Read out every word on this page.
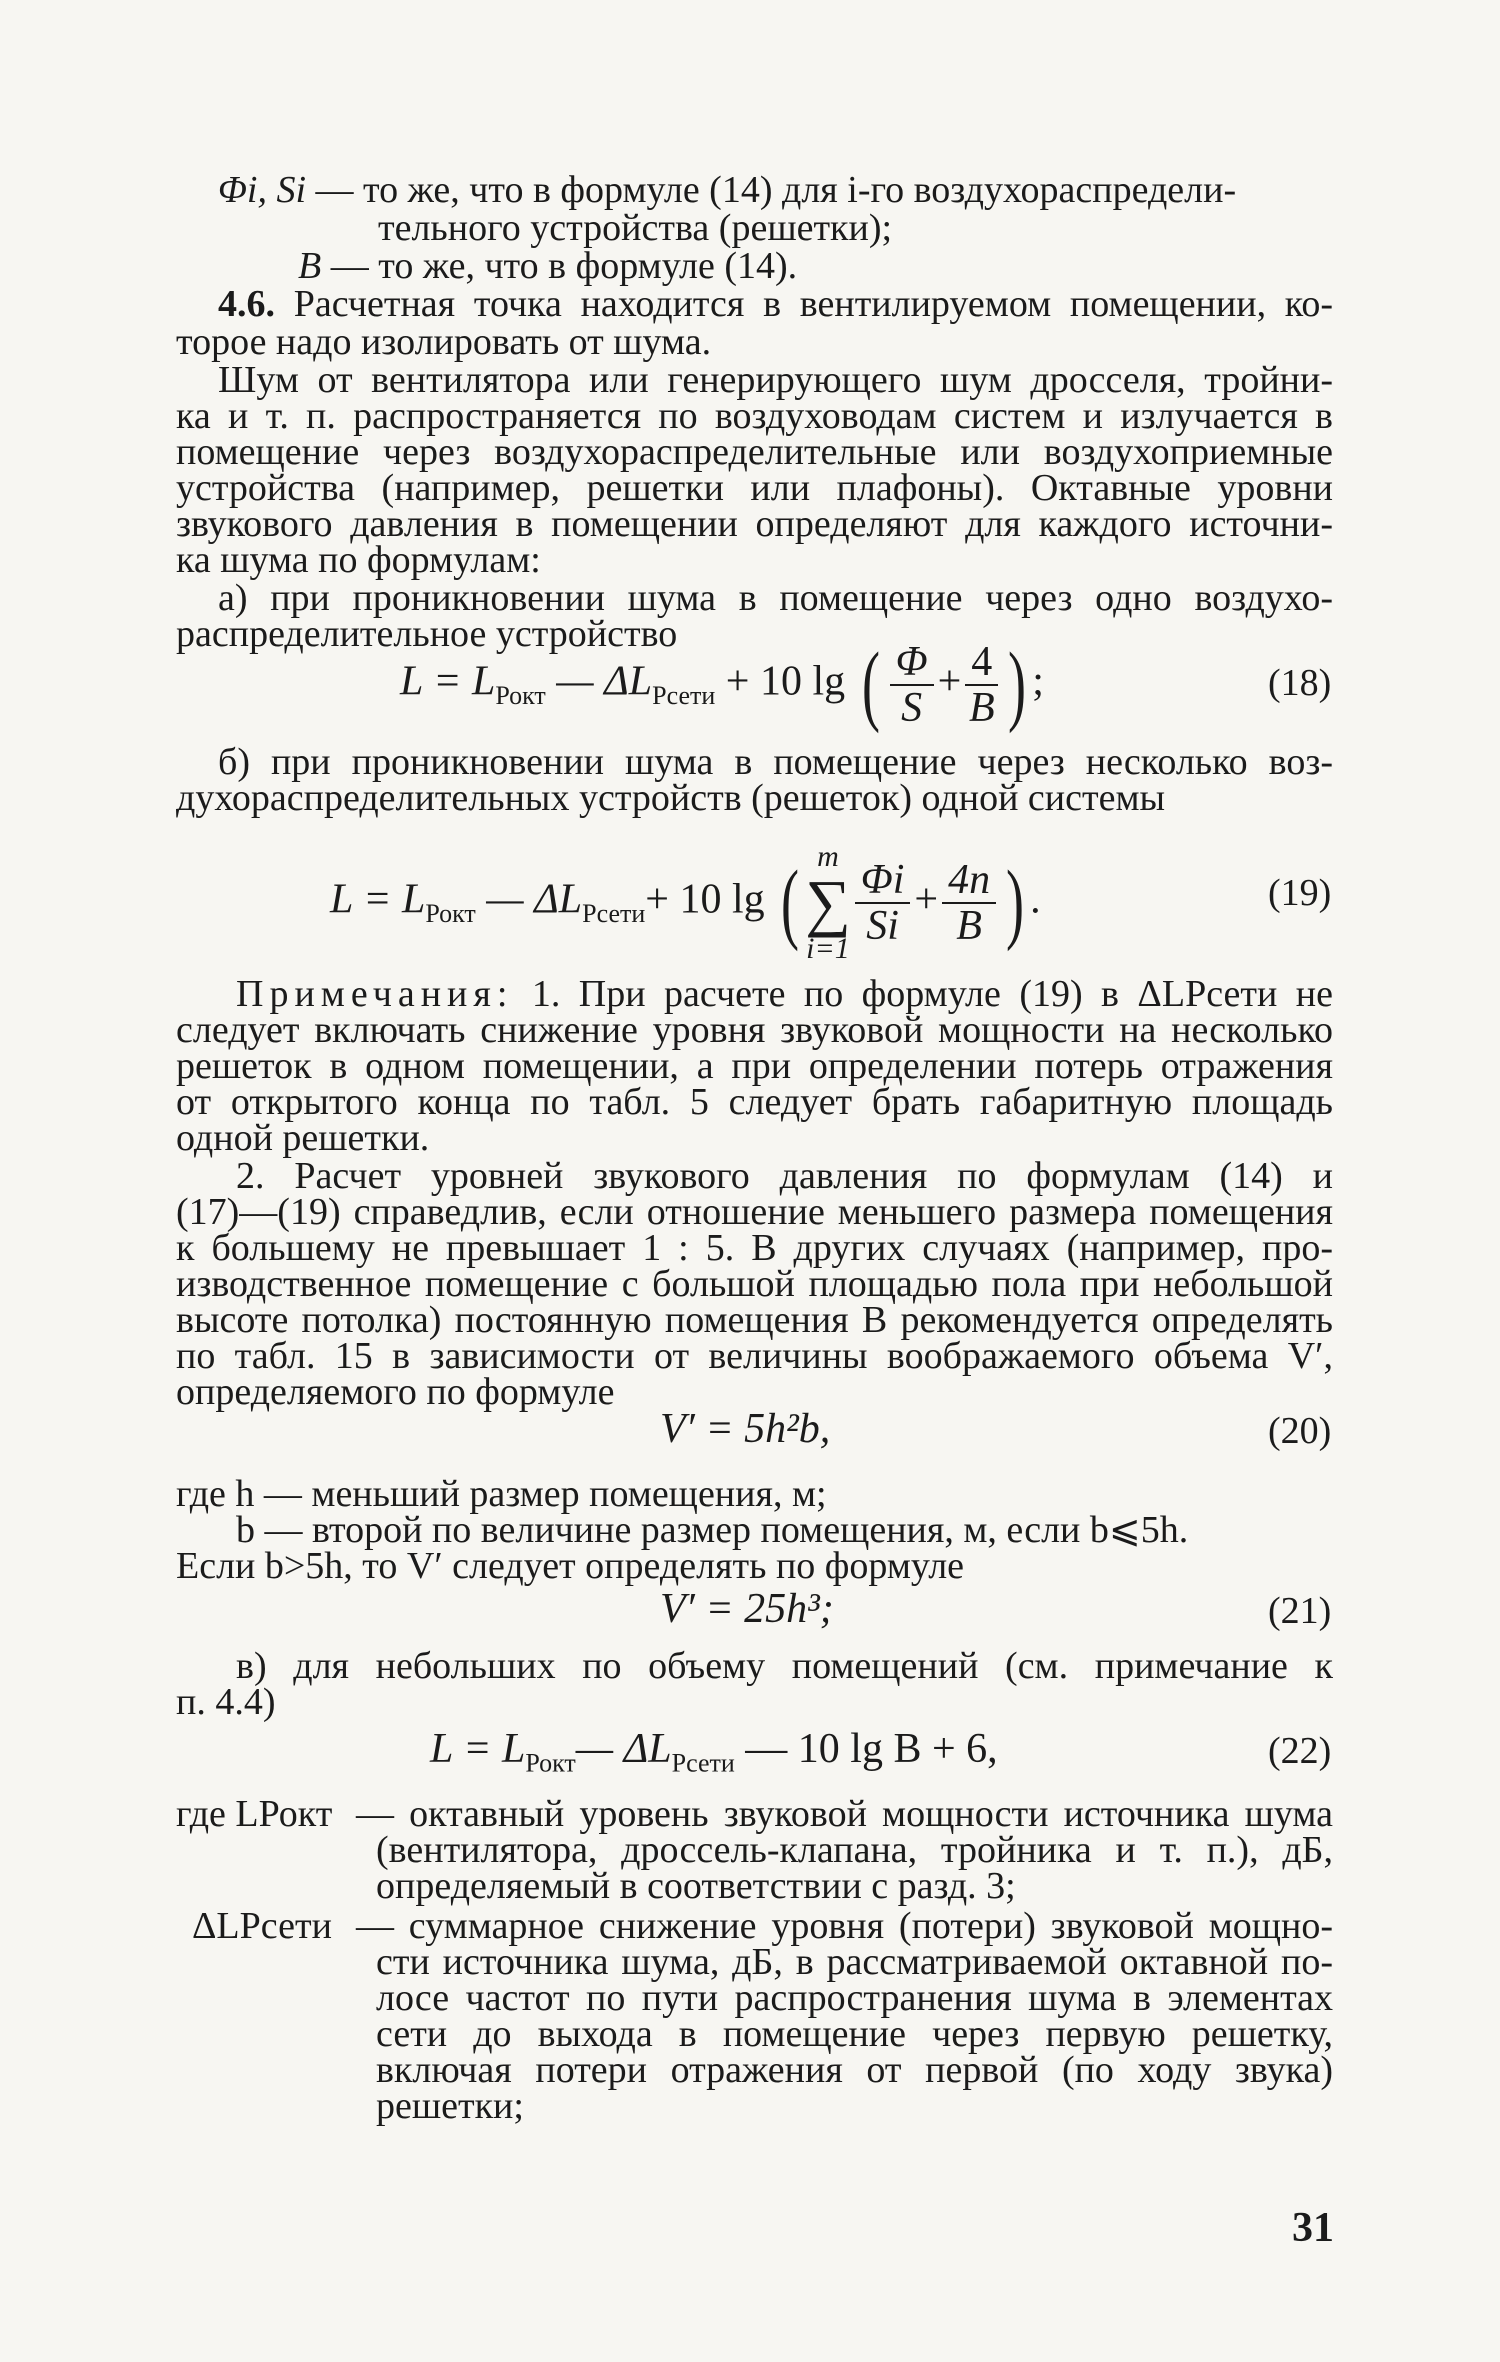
Φi, Si — то же, что в формуле (14) для i-го воздухораспредели-
тельного устройства (решетки);
B — то же, что в формуле (14).
4.6. Расчетная точка находится в вентилируемом помещении, ко-
торое надо изолировать от шума.
Шум от вентилятора или генерирующего шум дросселя, тройни-
ка и т. п. распространяется по воздуховодам систем и излучается в
помещение через воздухораспределительные или воздухоприемные
устройства (например, решетки или плафоны). Октавные уровни
звукового давления в помещении определяют для каждого источни-
ка шума по формулам:
а) при проникновении шума в помещение через одно воздухо-
распределительное устройство
$L = L_{Рокт}$ — $\Delta L_{Рсети} + 10$ lg ( $\frac{\Phi}{S} + \frac{4}{B}$ ) ;	(18)
б) при проникновении шума в помещение через несколько воз-
духораспределительных устройств (решеток) одной системы
$L = L_{Рокт}$ — $\Delta L_{Рсети}+ 10$ lg ( m
∑
i=1
$\frac{\Phi i}{Si} + \frac{4n}{B}$ ) .	(19)
Примечания: 1. При расчете по формуле (19) в ΔLРсети не
следует включать снижение уровня звуковой мощности на несколько
решеток в одном помещении, а при определении потерь отражения
от открытого конца по табл. 5 следует брать габаритную площадь
одной решетки.
2. Расчет уровней звукового давления по формулам (14) и
(17)—(19) справедлив, если отношение меньшего размера помещения
к большему не превышает 1 : 5. В других случаях (например, про-
изводственное помещение с большой площадью пола при небольшой
высоте потолка) постоянную помещения B рекомендуется определять
по табл. 15 в зависимости от величины воображаемого объема V′,
определяемого по формуле
V′ = 5h²b,	(20)
где h — меньший размер помещения, м;
b — второй по величине размер помещения, м, если b⩽5h.
Если b>5h, то V′ следует определять по формуле
V′ = 25h³;	(21)
в) для небольших по объему помещений (см. примечание к
п. 4.4)
$L = L_{Рокт}—$ $\Delta L_{Рсети}$ — 10 lg B + 6,	(22)
где LРокт — октавный уровень звуковой мощности источника шума
(вентилятора, дроссель-клапана, тройника и т. п.), дБ,
определяемый в соответствии с разд. 3;
ΔLРсети — суммарное снижение уровня (потери) звуковой мощно-
сти источника шума, дБ, в рассматриваемой октавной по-
лосе частот по пути распространения шума в элементах
сети до выхода в помещение через первую решетку,
включая потери отражения от первой (по ходу звука)
решетки;
31
